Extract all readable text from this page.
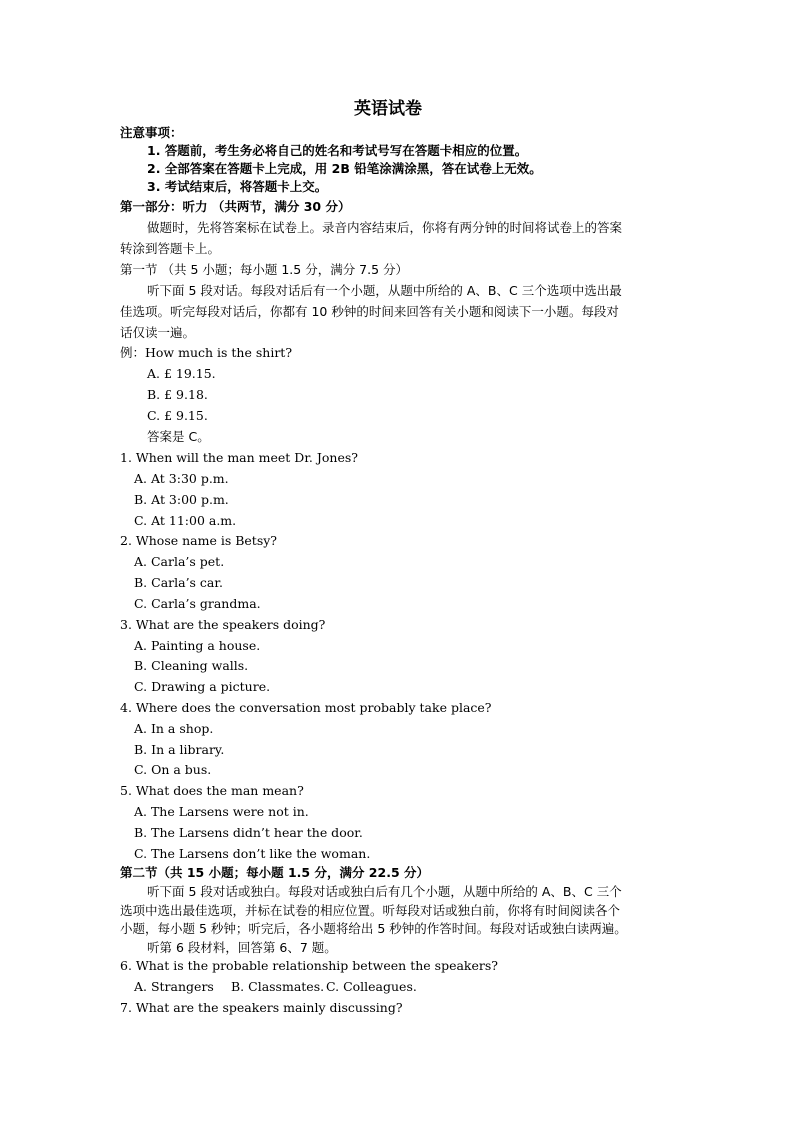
英语试卷
注意事项：
1. 答题前，考生务必将自己的姓名和考试号写在答题卡相应的位置。
2. 全部答案在答题卡上完成，用 2B 铅笔涂满涂黑，答在试卷上无效。
3. 考试结束后，将答题卡上交。
第一部分：听力 （共两节，满分 30 分）
做题时，先将答案标在试卷上。录音内容结束后，你将有两分钟的时间将试卷上的答案
转涂到答题卡上。
第一节 （共 5 小题；每小题 1.5 分，满分 7.5 分）
听下面 5 段对话。每段对话后有一个小题，从题中所给的 A、B、C 三个选项中选出最
佳选项。听完每段对话后，你都有 10 秒钟的时间来回答有关小题和阅读下一小题。每段对
话仅读一遍。
例：How much is the shirt?
A. £ 19.15.
B. £ 9.18.
C. £ 9.15.
答案是 C。
1. When will the man meet Dr. Jones?
A. At 3:30 p.m.
B. At 3:00 p.m.
C. At 11:00 a.m.
2. Whose name is Betsy?
A. Carla’s pet.
B. Carla’s car.
C. Carla’s grandma.
3. What are the speakers doing?
A. Painting a house.
B. Cleaning walls.
C. Drawing a picture.
4. Where does the conversation most probably take place?
A. In a shop.
B. In a library.
C. On a bus.
5. What does the man mean?
A. The Larsens were not in.
B. The Larsens didn’t hear the door.
C. The Larsens don’t like the woman.
第二节（共 15 小题；每小题 1.5 分，满分 22.5 分）
听下面 5 段对话或独白。每段对话或独白后有几个小题，从题中所给的 A、B、C 三个
选项中选出最佳选项，并标在试卷的相应位置。听每段对话或独白前，你将有时间阅读各个
小题，每小题 5 秒钟；听完后，各小题将给出 5 秒钟的作答时间。每段对话或独白读两遍。
听第 6 段材料，回答第 6、7 题。
6. What is the probable relationship between the speakers?
A. Strangers B. Classmates. C. Colleagues.
7. What are the speakers mainly discussing?
